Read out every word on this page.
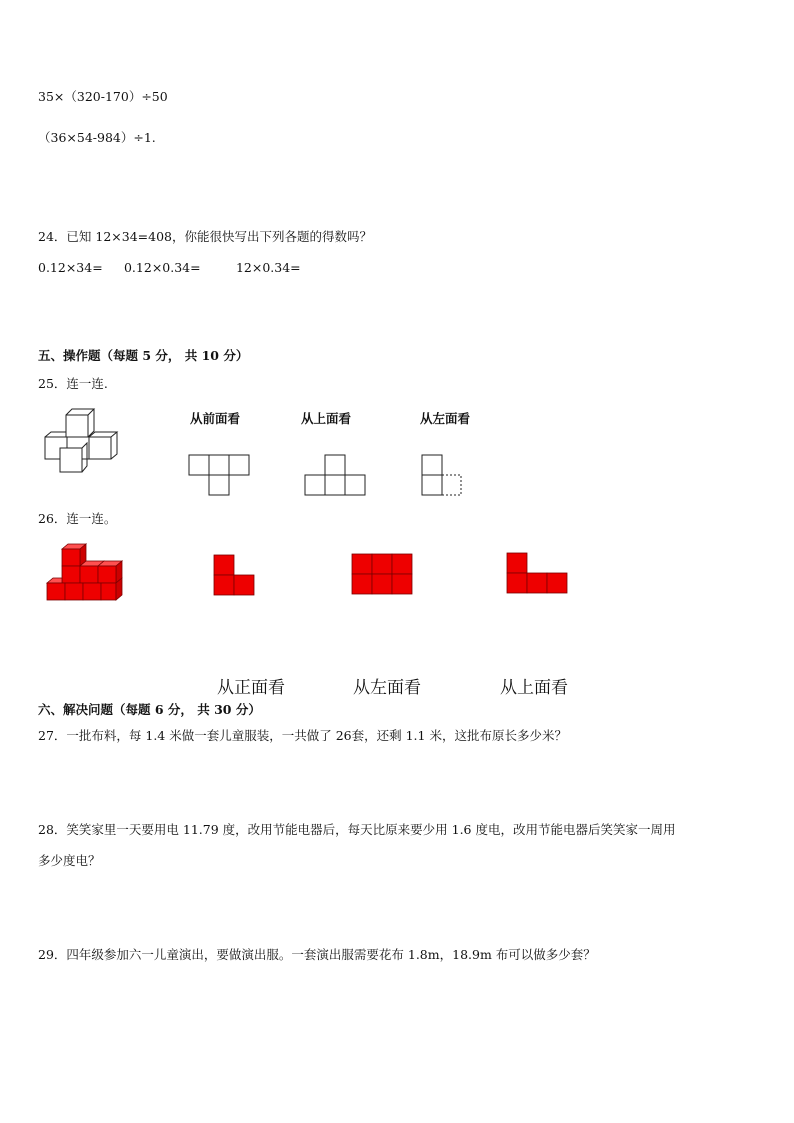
35×（320-170）÷50
（36×54-984）÷1.
24．已知 12×34=408，你能很快写出下列各题的得数吗？
0.12×34= 0.12×0.34=	12×0.34=
五、操作题（每题 5 分， 共 10 分）
25．连一连.
从前面看	从上面看	从左面看
26．连一连。
从正面看	从左面看	从上面看
六、解决问题（每题 6 分， 共 30 分）
27．一批布料，每 1.4 米做一套儿童服装，一共做了 26套，还剩 1.1 米，这批布原长多少米？
28．笑笑家里一天要用电 11.79 度，改用节能电器后，每天比原来要少用 1.6 度电，改用节能电器后笑笑家一周用
多少度电？
29．四年级参加六一儿童演出，要做演出服。一套演出服需要花布 1.8m，18.9m 布可以做多少套？
